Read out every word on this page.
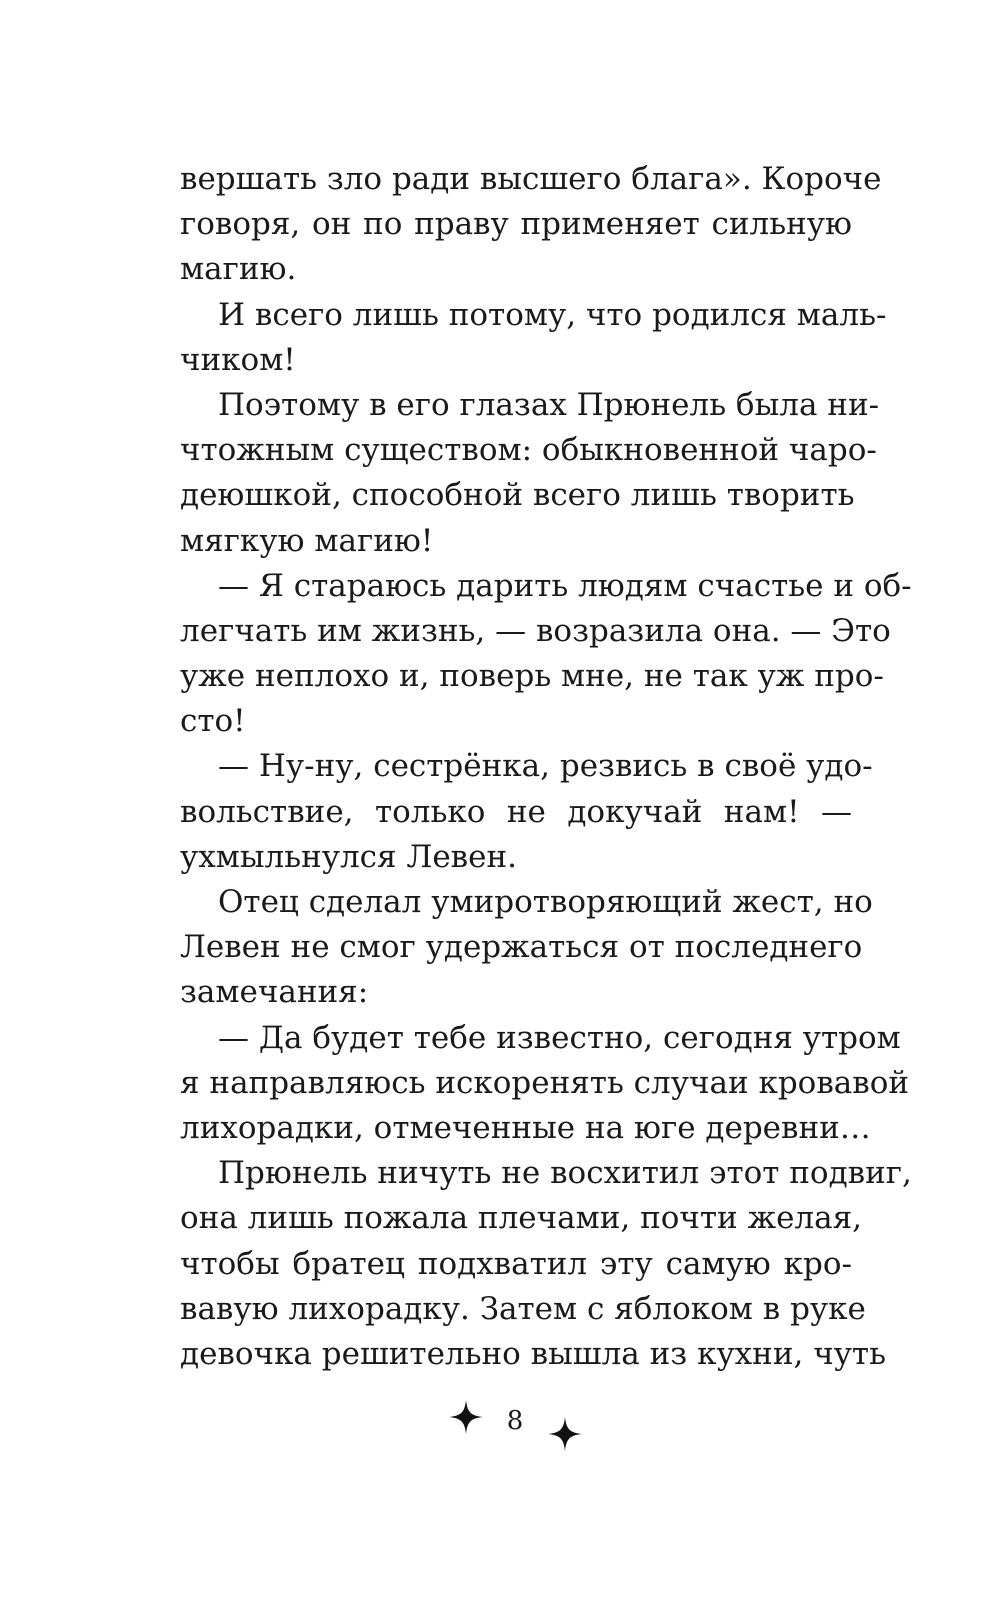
вершать зло ради высшего блага». Короче
говоря, он по праву применяет сильную
магию.
И всего лишь потому, что родился маль-
чиком!
Поэтому в его глазах Прюнель была ни-
чтожным существом: обыкновенной чаро-
деюшкой, способной всего лишь творить
мягкую магию!
— Я стараюсь дарить людям счастье и об-
легчать им жизнь, — возразила она. — Это
уже неплохо и, поверь мне, не так уж про-
сто!
— Ну-ну, сестрёнка, резвись в своё удо-
вольствие, только не докучай нам! —
ухмыльнулся Левен.
Отец сделал умиротворяющий жест, но
Левен не смог удержаться от последнего
замечания:
— Да будет тебе известно, сегодня утром
я направляюсь искоренять случаи кровавой
лихорадки, отмеченные на юге деревни…
Прюнель ничуть не восхитил этот подвиг,
она лишь пожала плечами, почти желая,
чтобы братец подхватил эту самую кро-
вавую лихорадку. Затем с яблоком в руке
девочка решительно вышла из кухни, чуть
8
